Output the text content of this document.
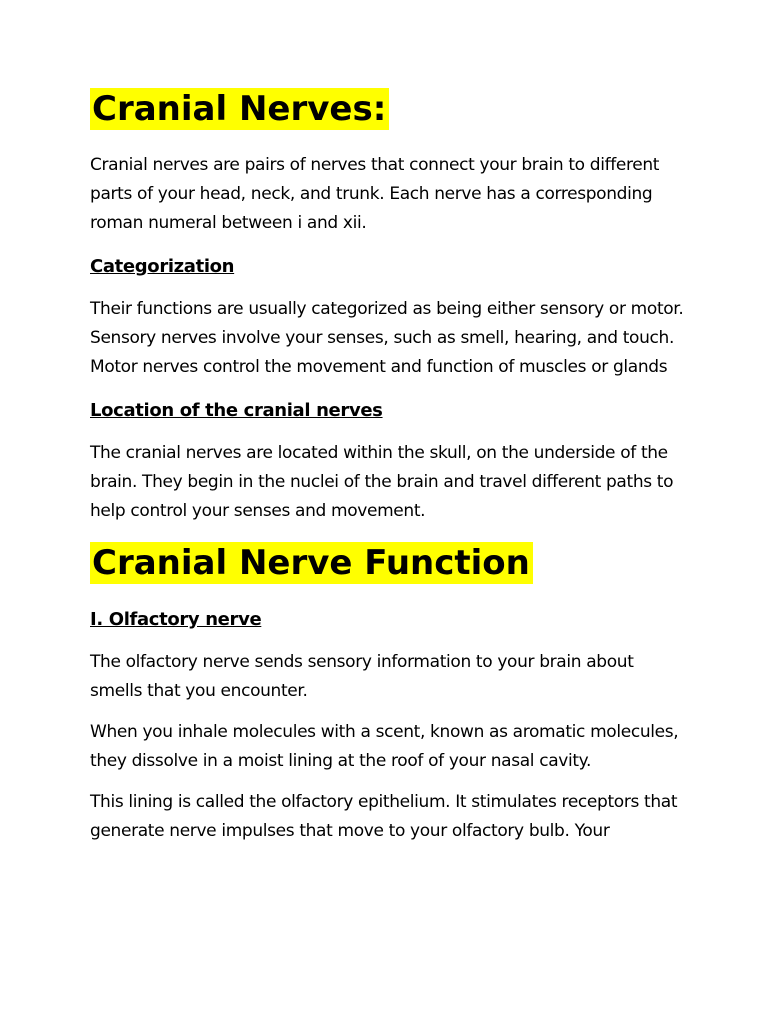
Cranial Nerves:

Cranial nerves are pairs of nerves that connect your brain to different parts of your head, neck, and trunk. Each nerve has a corresponding roman numeral between i and xii.

Categorization

Their functions are usually categorized as being either sensory or motor. Sensory nerves involve your senses, such as smell, hearing, and touch. Motor nerves control the movement and function of muscles or glands

Location of the cranial nerves

The cranial nerves are located within the skull, on the underside of the brain. They begin in the nuclei of the brain and travel different paths to help control your senses and movement.

Cranial Nerve Function
I. Olfactory nerve

The olfactory nerve sends sensory information to your brain about smells that you encounter.

When you inhale molecules with a scent, known as aromatic molecules, they dissolve in a moist lining at the roof of your nasal cavity.

This lining is called the olfactory epithelium. It stimulates receptors that generate nerve impulses that move to your olfactory bulb. Your
